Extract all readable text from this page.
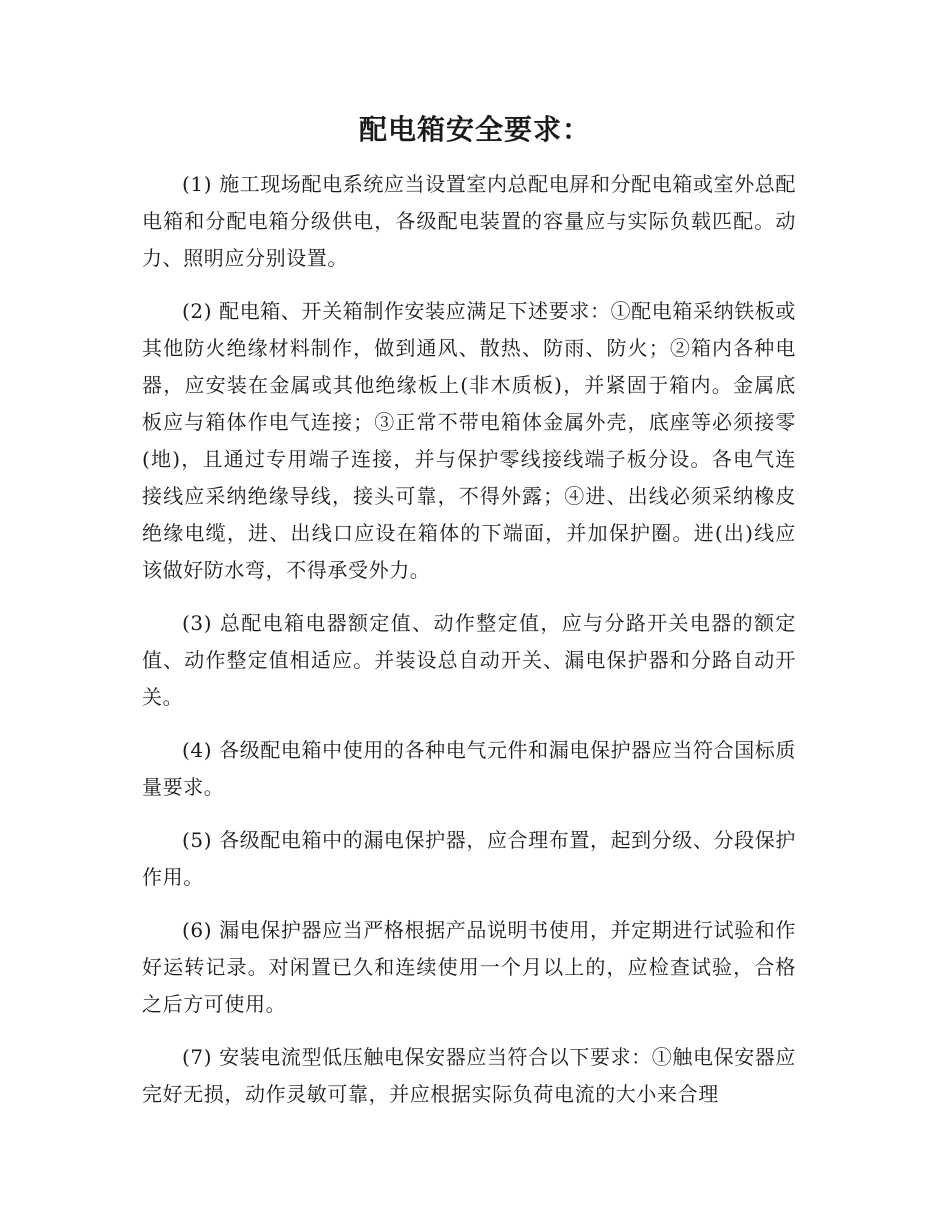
配电箱安全要求：

(1) 施工现场配电系统应当设置室内总配电屏和分配电箱或室外总配电箱和分配电箱分级供电，各级配电装置的容量应与实际负载匹配。动力、照明应分别设置。

(2) 配电箱、开关箱制作安装应满足下述要求：①配电箱采纳铁板或其他防火绝缘材料制作，做到通风、散热、防雨、防火；②箱内各种电器，应安装在金属或其他绝缘板上(非木质板)，并紧固于箱内。金属底板应与箱体作电气连接；③正常不带电箱体金属外壳，底座等必须接零(地)，且通过专用端子连接，并与保护零线接线端子板分设。各电气连接线应采纳绝缘导线，接头可靠，不得外露；④进、出线必须采纳橡皮绝缘电缆，进、出线口应设在箱体的下端面，并加保护圈。进(出)线应该做好防水弯，不得承受外力。

(3) 总配电箱电器额定值、动作整定值，应与分路开关电器的额定值、动作整定值相适应。并装设总自动开关、漏电保护器和分路自动开关。

(4) 各级配电箱中使用的各种电气元件和漏电保护器应当符合国标质量要求。

(5) 各级配电箱中的漏电保护器，应合理布置，起到分级、分段保护作用。

(6) 漏电保护器应当严格根据产品说明书使用，并定期进行试验和作好运转记录。对闲置已久和连续使用一个月以上的，应检查试验，合格之后方可使用。

(7) 安装电流型低压触电保安器应当符合以下要求：①触电保安器应完好无损，动作灵敏可靠，并应根据实际负荷电流的大小来合理
